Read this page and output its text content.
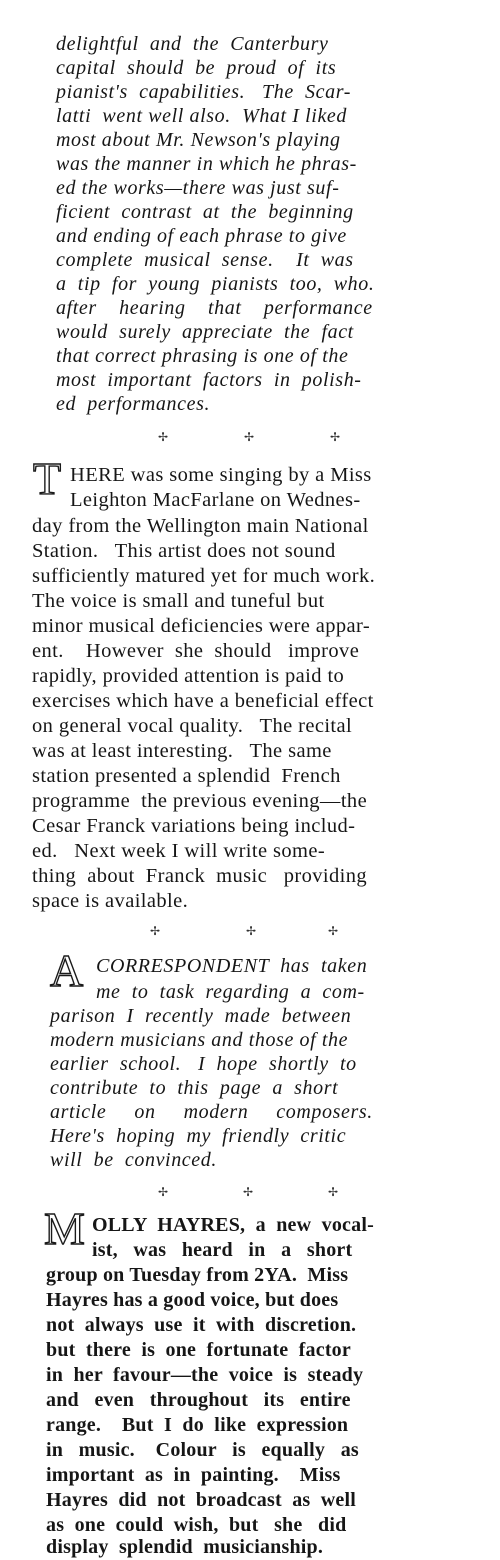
delightful  and  the  Canterbury
capital  should  be  proud  of  its
pianist's  capabilities.   The  Scar-
latti  went well also.  What I liked
most about Mr. Newson's playing
was the manner in which he phras-
ed the works—there was just suf-
ficient  contrast  at  the  beginning
and ending of each phrase to give
complete  musical  sense.    It  was
a  tip  for  young  pianists  too,  who.
after    hearing    that    performance
would  surely  appreciate  the  fact
that correct phrasing is one of the
most  important  factors  in  polish-
ed  performances.
✢	✢	✢
T HERE was some singing by a Miss
Leighton MacFarlane on Wednes-
day from the Wellington main National
Station.   This artist does not sound
sufficiently matured yet for much work.
The voice is small and tuneful but
minor musical deficiencies were appar-
ent.    However  she  should   improve
rapidly, provided attention is paid to
exercises which have a beneficial effect
on general vocal quality.   The recital
was at least interesting.   The same
station presented a splendid  French
programme  the previous evening—the
Cesar Franck variations being includ-
ed.   Next week I will write some-
thing  about  Franck  music   providing
space is available.
✢	✢	✢
A CORRESPONDENT  has  taken
me  to  task  regarding  a  com-
parison  I  recently  made  between
modern musicians and those of the
earlier  school.   I  hope  shortly  to
contribute  to  this  page  a  short
article     on     modern     composers.
Here's  hoping  my  friendly  critic
will  be  convinced.
✢	✢	✢
M OLLY  HAYRES,  a  new  vocal-
ist,   was   heard   in   a   short
group on Tuesday from 2YA.  Miss
Hayres has a good voice, but does
not  always  use  it  with  discretion.
but  there  is  one  fortunate  factor
in  her  favour—the  voice  is  steady
and   even   throughout   its   entire
range.    But  I  do  like  expression
in   music.    Colour   is   equally   as
important  as  in  painting.    Miss
Hayres  did  not  broadcast  as  well
as  one  could  wish,  but   she   did
display  splendid  musicianship.
